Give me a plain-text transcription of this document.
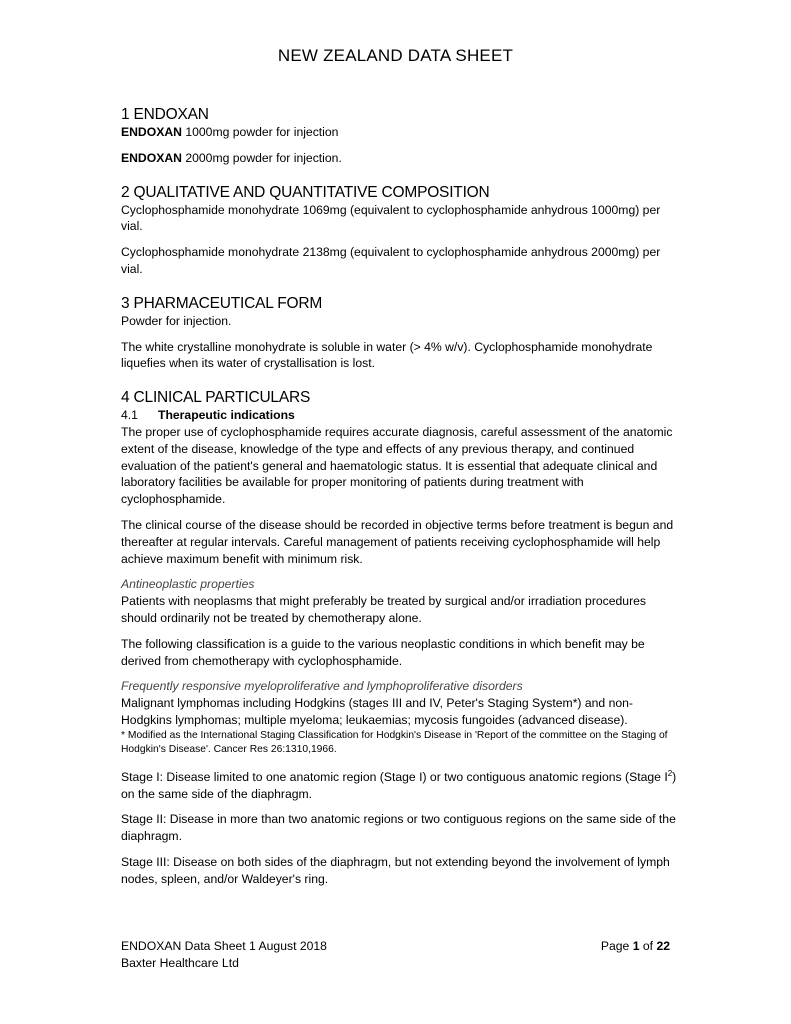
NEW ZEALAND DATA SHEET
1 ENDOXAN

ENDOXAN 1000mg powder for injection

ENDOXAN 2000mg powder for injection.

2 QUALITATIVE AND QUANTITATIVE COMPOSITION

Cyclophosphamide monohydrate 1069mg (equivalent to cyclophosphamide anhydrous 1000mg) per vial.

Cyclophosphamide monohydrate 2138mg (equivalent to cyclophosphamide anhydrous 2000mg) per vial.

3 PHARMACEUTICAL FORM

Powder for injection.

The white crystalline monohydrate is soluble in water (> 4% w/v). Cyclophosphamide monohydrate liquefies when its water of crystallisation is lost.

4 CLINICAL PARTICULARS

4.1 Therapeutic indications

The proper use of cyclophosphamide requires accurate diagnosis, careful assessment of the anatomic extent of the disease, knowledge of the type and effects of any previous therapy, and continued evaluation of the patient's general and haematologic status. It is essential that adequate clinical and laboratory facilities be available for proper monitoring of patients during treatment with cyclophosphamide.

The clinical course of the disease should be recorded in objective terms before treatment is begun and thereafter at regular intervals. Careful management of patients receiving cyclophosphamide will help achieve maximum benefit with minimum risk.

Antineoplastic properties

Patients with neoplasms that might preferably be treated by surgical and/or irradiation procedures should ordinarily not be treated by chemotherapy alone.

The following classification is a guide to the various neoplastic conditions in which benefit may be derived from chemotherapy with cyclophosphamide.

Frequently responsive myeloproliferative and lymphoproliferative disorders

Malignant lymphomas including Hodgkins (stages III and IV, Peter's Staging System*) and non-Hodgkins lymphomas; multiple myeloma; leukaemias; mycosis fungoides (advanced disease).

* Modified as the International Staging Classification for Hodgkin's Disease in 'Report of the committee on the Staging of Hodgkin's Disease'. Cancer Res 26:1310,1966.

Stage I: Disease limited to one anatomic region (Stage I) or two contiguous anatomic regions (Stage $I^2$) on the same side of the diaphragm.

Stage II: Disease in more than two anatomic regions or two contiguous regions on the same side of the diaphragm.

Stage III: Disease on both sides of the diaphragm, but not extending beyond the involvement of lymph nodes, spleen, and/or Waldeyer's ring.

ENDOXAN Data Sheet 1 August 2018
Baxter Healthcare Ltd
Page 1 of 22
